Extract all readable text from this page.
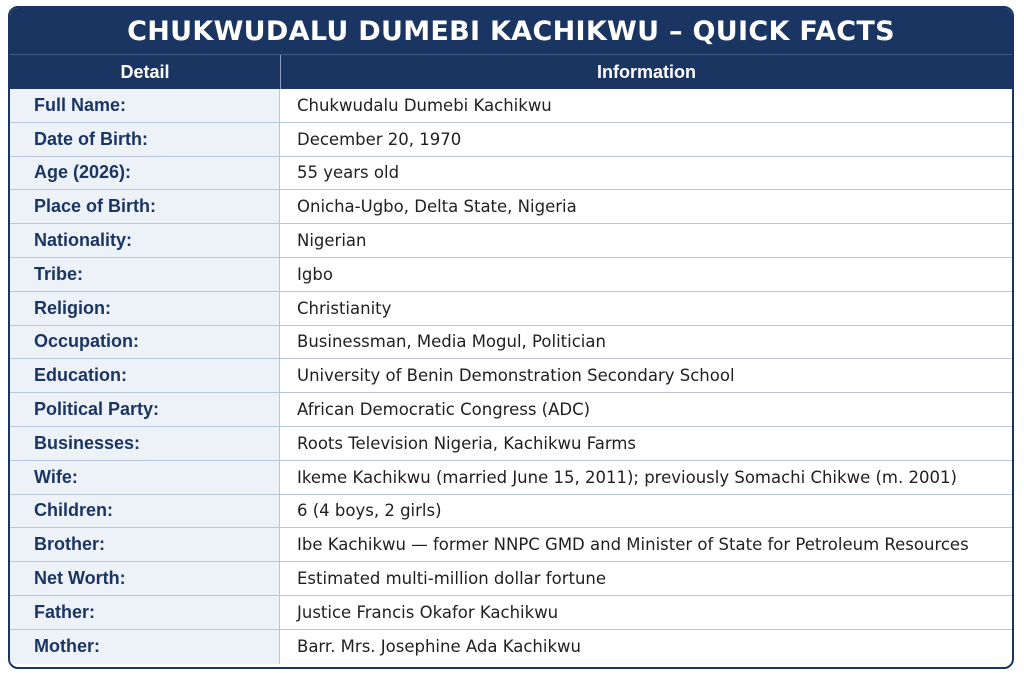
CHUKWUDALU DUMEBI KACHIKWU – QUICK FACTS
Detail	Information
Full Name:	Chukwudalu Dumebi Kachikwu
Date of Birth:	December 20, 1970
Age (2026):	55 years old
Place of Birth:	Onicha-Ugbo, Delta State, Nigeria
Nationality:	Nigerian
Tribe:	Igbo
Religion:	Christianity
Occupation:	Businessman, Media Mogul, Politician
Education:	University of Benin Demonstration Secondary School
Political Party:	African Democratic Congress (ADC)
Businesses:	Roots Television Nigeria, Kachikwu Farms
Wife:	Ikeme Kachikwu (married June 15, 2011); previously Somachi Chikwe (m. 2001)
Children:	6 (4 boys, 2 girls)
Brother:	Ibe Kachikwu — former NNPC GMD and Minister of State for Petroleum Resources
Net Worth:	Estimated multi-million dollar fortune
Father:	Justice Francis Okafor Kachikwu
Mother:	Barr. Mrs. Josephine Ada Kachikwu
